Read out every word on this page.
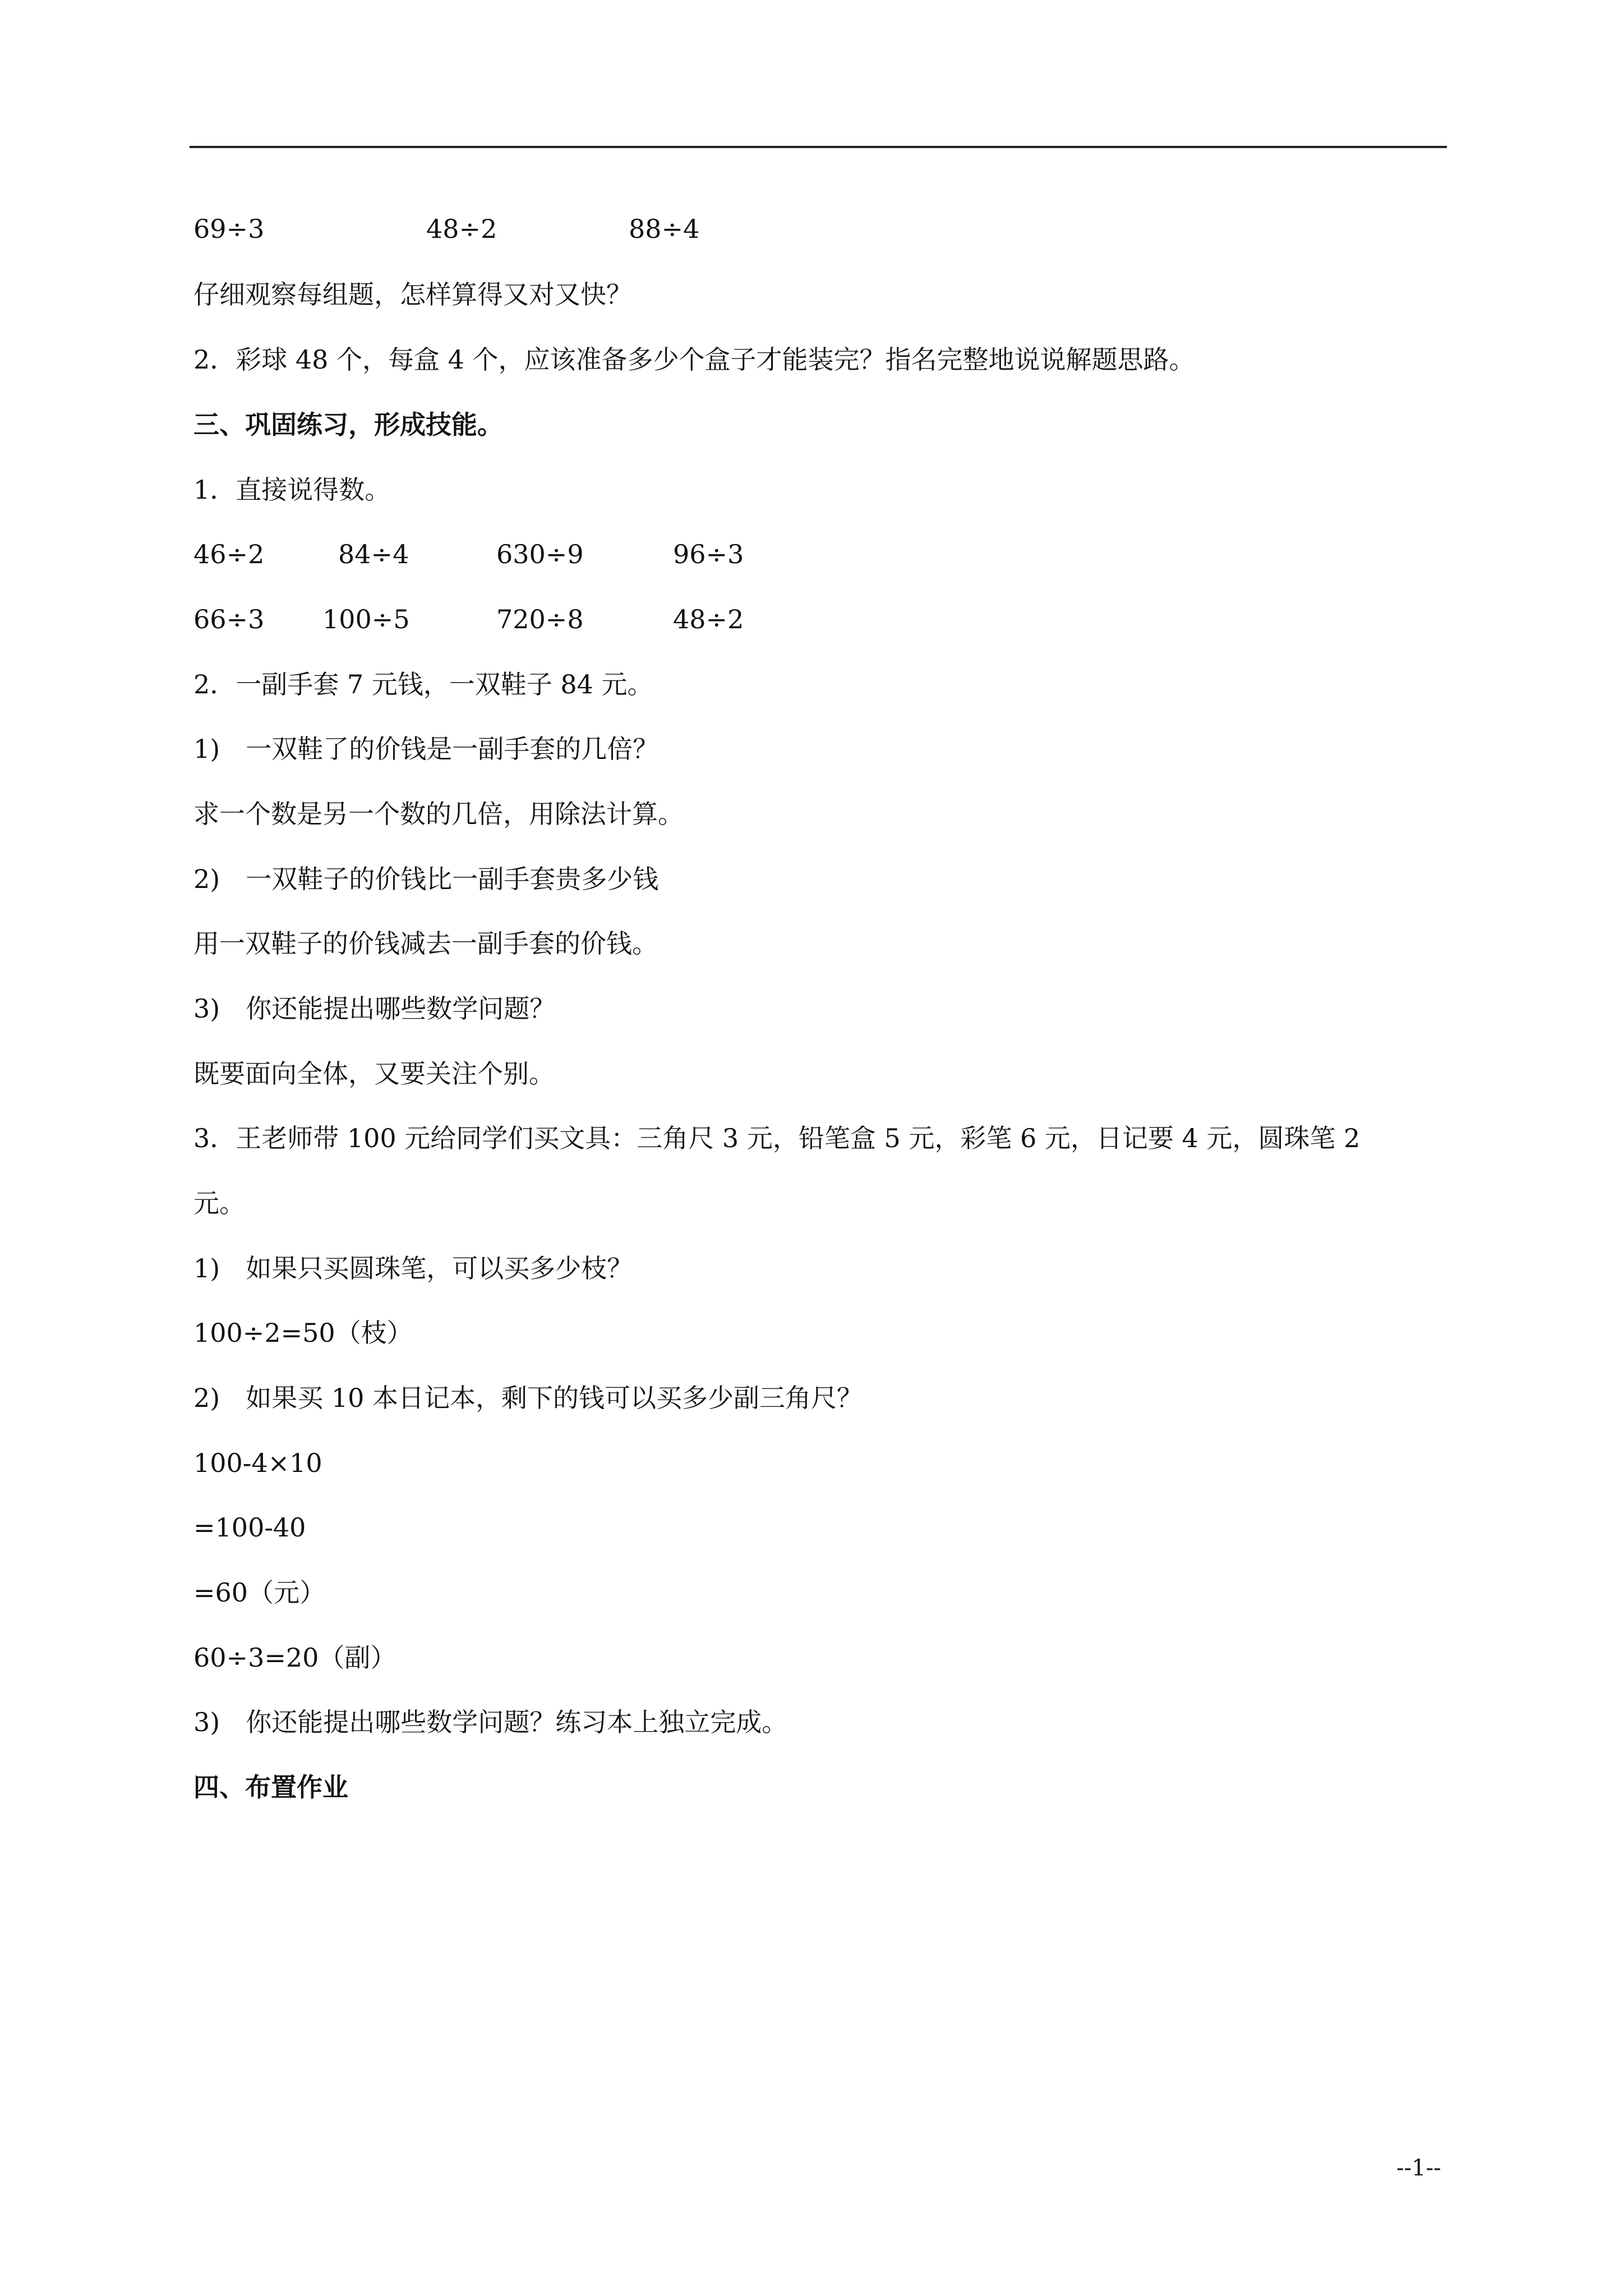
69÷3	48÷2	88÷4
仔细观察每组题，怎样算得又对又快？
2．彩球 48 个，每盒 4 个，应该准备多少个盒子才能装完？指名完整地说说解题思路。
三、巩固练习，形成技能。
1．直接说得数。
46÷2	84÷4	630÷9	96÷3
66÷3 100÷5	720÷8	48÷2
2．一副手套 7 元钱，一双鞋子 84 元。
1)　一双鞋了的价钱是一副手套的几倍？
求一个数是另一个数的几倍，用除法计算。
2)　一双鞋子的价钱比一副手套贵多少钱
用一双鞋子的价钱减去一副手套的价钱。
3)　你还能提出哪些数学问题？
既要面向全体，又要关注个别。
3．王老师带 100 元给同学们买文具：三角尺 3 元，铅笔盒 5 元，彩笔 6 元，日记要 4 元，圆珠笔 2
元。
1)　如果只买圆珠笔，可以买多少枝？
100÷2=50（枝）
2)　如果买 10 本日记本，剩下的钱可以买多少副三角尺？
100-4×10
=100-40
=60（元）
60÷3=20（副）
3)　你还能提出哪些数学问题？练习本上独立完成。
四、布置作业
--1--
